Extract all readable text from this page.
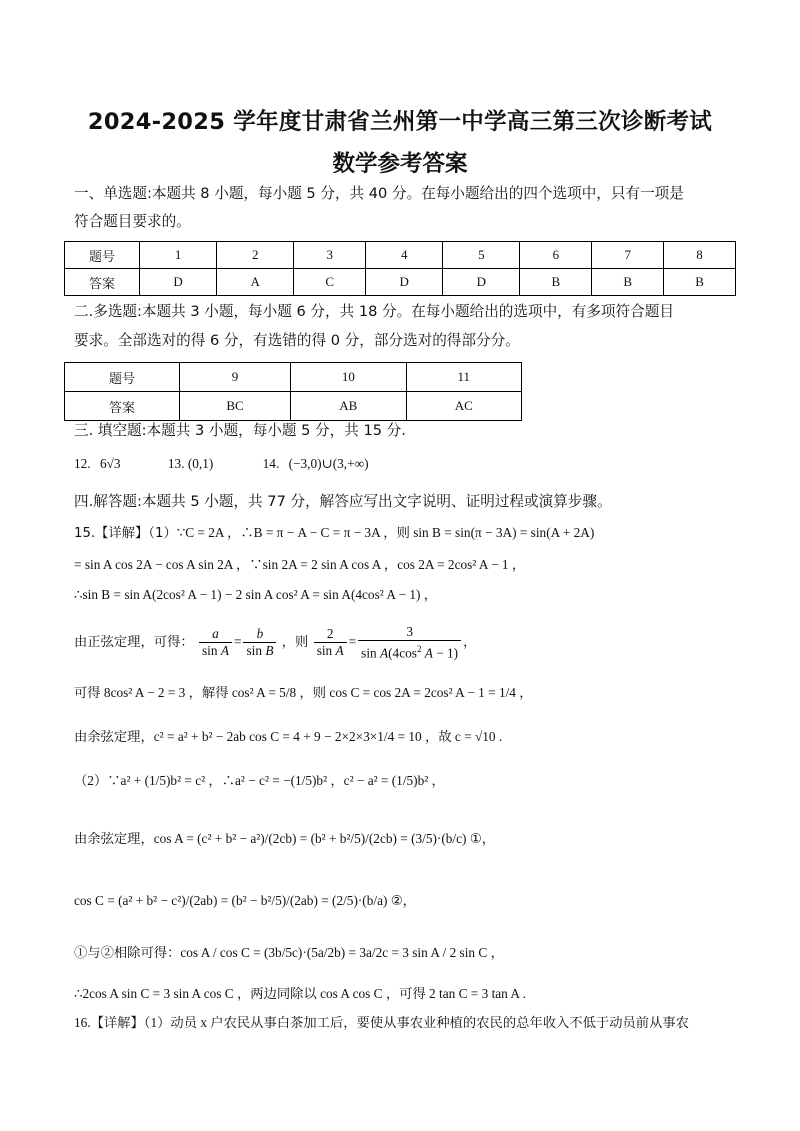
2024-2025 学年度甘肃省兰州第一中学高三第三次诊断考试
数学参考答案
一、单选题:本题共 8 小题，每小题 5 分，共 40 分。在每小题给出的四个选项中，只有一项是
符合题目要求的。
题号	1	2	3	4	5	6	7	8
答案	D	A	C	D	D	B	B	B
二.多选题:本题共 3 小题，每小题 6 分，共 18 分。在每小题给出的选项中，有多项符合题目
要求。全部选对的得 6 分，有选错的得 0 分，部分选对的得部分分。
题号	9	10	11
答案	BC	AB	AC
三. 填空题:本题共 3 小题，每小题 5 分，共 15 分.
12. 6√3	13. (0,1)	14. (−3,0)∪(3,+∞)
四.解答题:本题共 5 小题，共 77 分，解答应写出文字说明、证明过程或演算步骤。
15.【详解】（1）∵C = 2A ，∴B = π − A − C = π − 3A ，则 sin B = sin(π − 3A) = sin(A + 2A)
= sin A cos 2A − cos A sin 2A ，∵sin 2A = 2 sin A cos A ，cos 2A = 2cos² A − 1 ，
∴sin B = sin A(2cos² A − 1) − 2 sin A cos² A = sin A(4cos² A − 1) ，
由正弦定理，可得： $\frac{a}{\text{sin A}} = \frac{b}{\text{sin B}}$ ，则 $\frac{2}{\text{sin A}} = \frac{3}{\sin A(4\cos^2 A - 1)}$ ，
可得 8cos² A − 2 = 3 ，解得 cos² A = 5/8 ，则 cos C = cos 2A = 2cos² A − 1 = 1/4 ，
由余弦定理，c² = a² + b² − 2ab cos C = 4 + 9 − 2×2×3×1/4 = 10 ，故 c = √10 .
（2）∵a² + (1/5)b² = c² ，∴a² − c² = −(1/5)b² ，c² − a² = (1/5)b² ，
由余弦定理，cos A = (c² + b² − a²)/(2cb) = (b² + b²/5)/(2cb) = (3/5)·(b/c) ①，
cos C = (a² + b² − c²)/(2ab) = (b² − b²/5)/(2ab) = (2/5)·(b/a) ②，
①与②相除可得：cos A / cos C = (3b/5c)·(5a/2b) = 3a/2c = 3 sin A / 2 sin C ，
∴2cos A sin C = 3 sin A cos C ，两边同除以 cos A cos C ，可得 2 tan C = 3 tan A .
16.【详解】（1）动员 x 户农民从事白茶加工后，要使从事农业种植的农民的总年收入不低于动员前从事农
